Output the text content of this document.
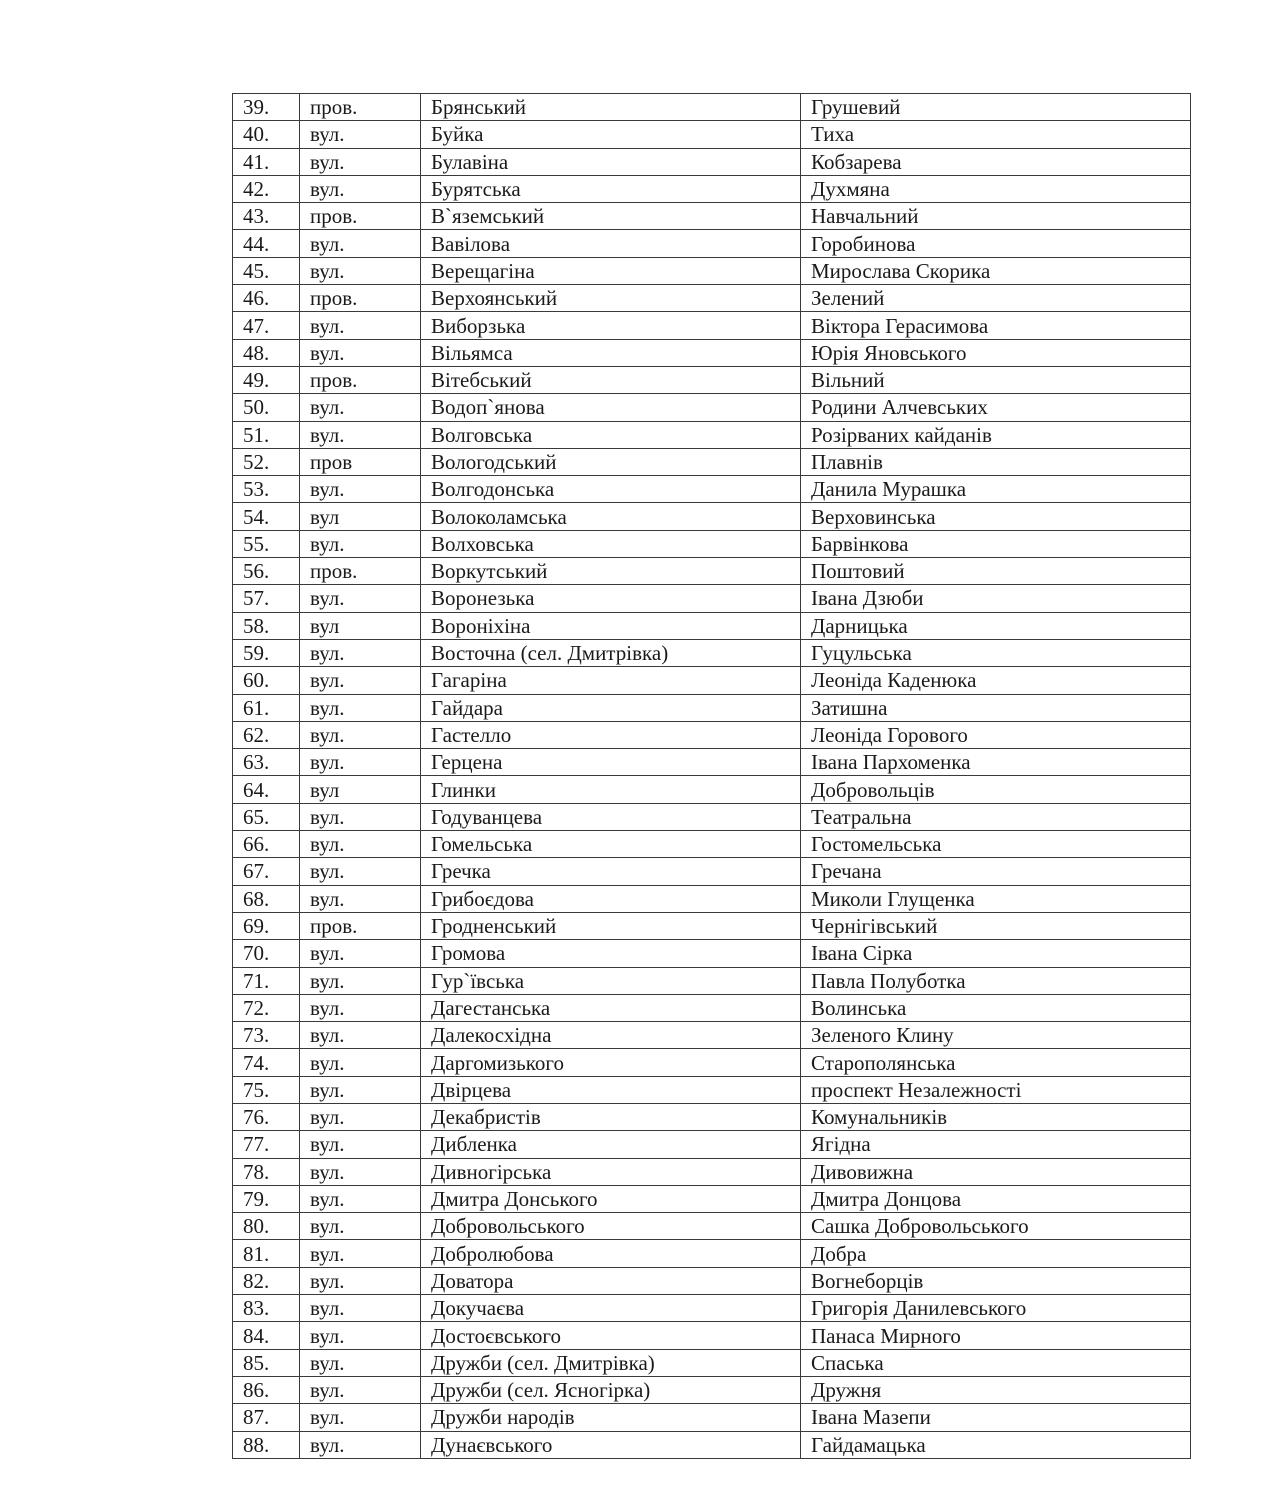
39.	пров.	Брянський	Грушевий
40.	вул.	Буйка	Тиха
41.	вул.	Булавіна	Кобзарева
42.	вул.	Бурятська	Духмяна
43.	пров.	В`яземський	Навчальний
44.	вул.	Вавілова	Горобинова
45.	вул.	Верещагіна	Мирослава Скорика
46.	пров.	Верхоянський	Зелений
47.	вул.	Виборзька	Віктора Герасимова
48.	вул.	Вільямса	Юрія Яновського
49.	пров.	Вітебський	Вільний
50.	вул.	Водоп`янова	Родини Алчевських
51.	вул.	Волговська	Розірваних кайданів
52.	пров	Вологодський	Плавнів
53.	вул.	Волгодонська	Данила Мурашка
54.	вул	Волоколамська	Верховинська
55.	вул.	Волховська	Барвінкова
56.	пров.	Воркутський	Поштовий
57.	вул.	Воронезька	Івана Дзюби
58.	вул	Вороніхіна	Дарницька
59.	вул.	Восточна (сел. Дмитрівка)	Гуцульська
60.	вул.	Гагаріна	Леоніда Каденюка
61.	вул.	Гайдара	Затишна
62.	вул.	Гастелло	Леоніда Горового
63.	вул.	Герцена	Івана Пархоменка
64.	вул	Глинки	Добровольців
65.	вул.	Годуванцева	Театральна
66.	вул.	Гомельська	Гостомельська
67.	вул.	Гречка	Гречана
68.	вул.	Грибоєдова	Миколи Глущенка
69.	пров.	Гродненський	Чернігівський
70.	вул.	Громова	Івана Сірка
71.	вул.	Гур`ївська	Павла Полуботка
72.	вул.	Дагестанська	Волинська
73.	вул.	Далекосхідна	Зеленого Клину
74.	вул.	Даргомизького	Старополянська
75.	вул.	Двірцева	проспект Незалежності
76.	вул.	Декабристів	Комунальників
77.	вул.	Дибленка	Ягідна
78.	вул.	Дивногірська	Дивовижна
79.	вул.	Дмитра Донського	Дмитра Донцова
80.	вул.	Добровольського	Сашка Добровольського
81.	вул.	Добролюбова	Добра
82.	вул.	Доватора	Вогнеборців
83.	вул.	Докучаєва	Григорія Данилевського
84.	вул.	Достоєвського	Панаса Мирного
85.	вул.	Дружби (сел. Дмитрівка)	Спаська
86.	вул.	Дружби (сел. Ясногірка)	Дружня
87.	вул.	Дружби народів	Івана Мазепи
88.	вул.	Дунаєвського	Гайдамацька
